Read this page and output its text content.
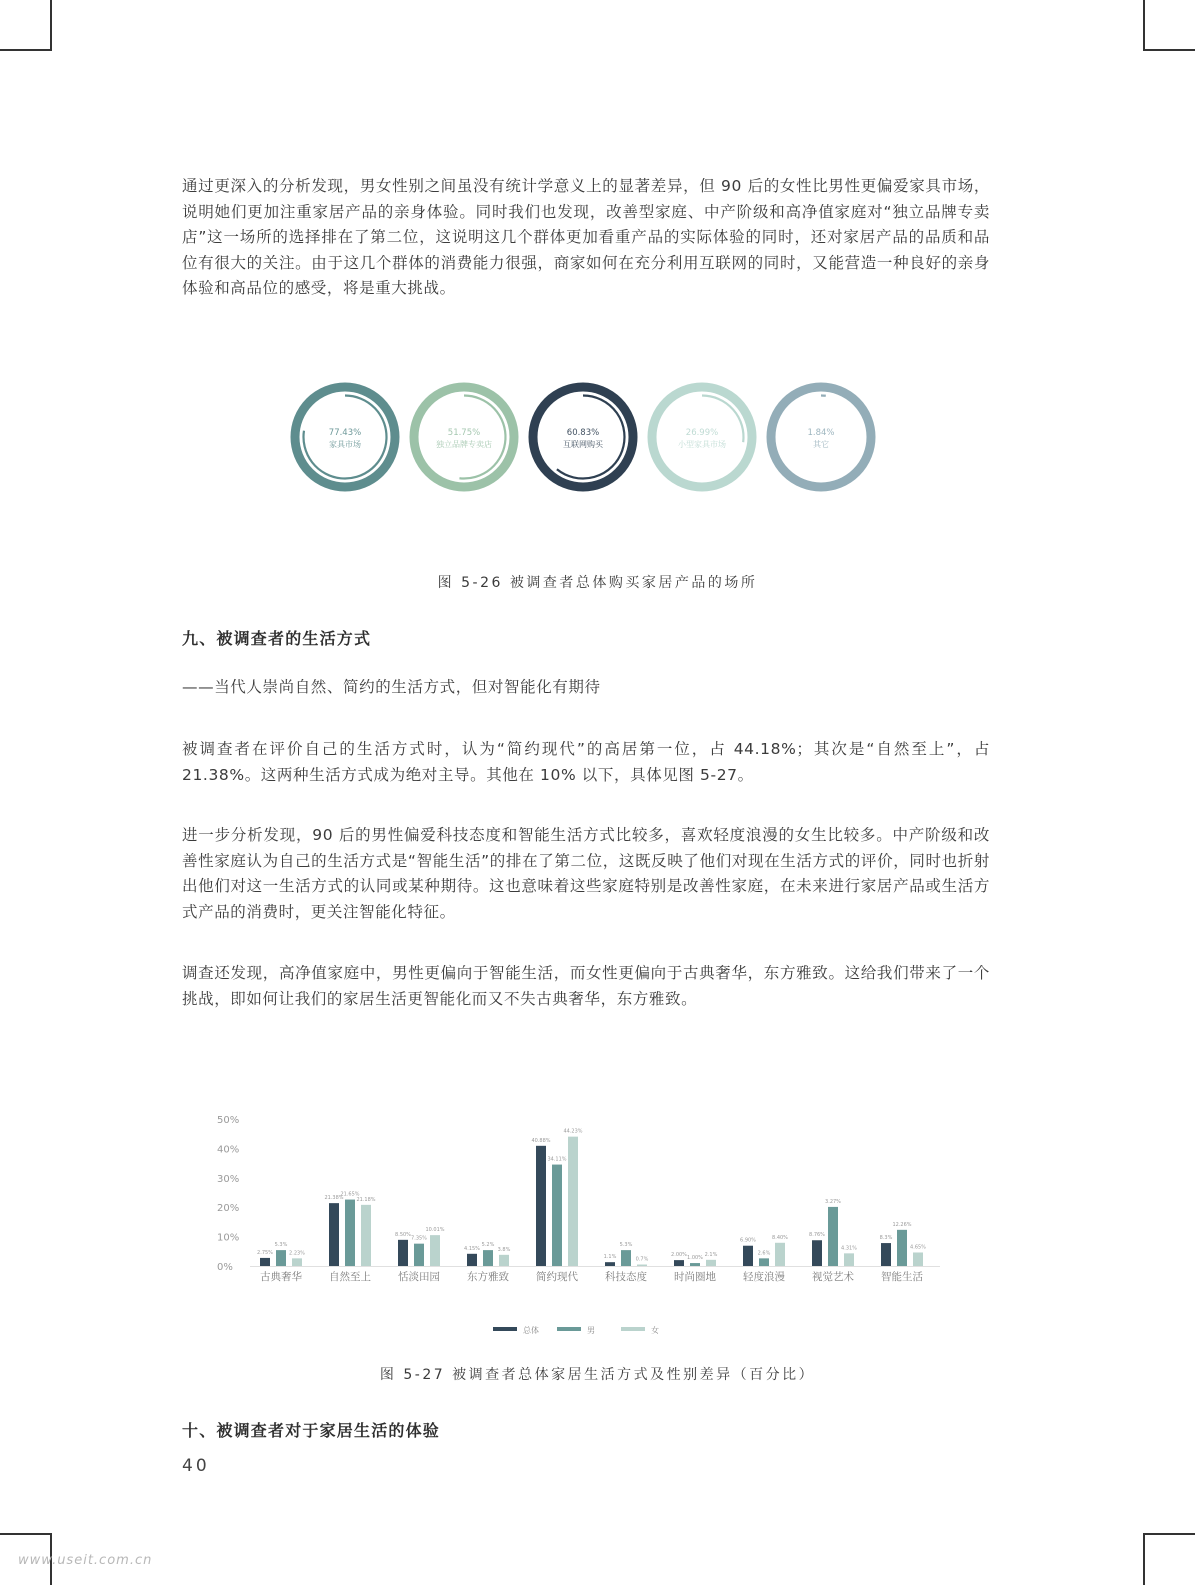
通过更深入的分析发现，男女性别之间虽没有统计学意义上的显著差异，但 90 后的女性比男性更偏爱家具市场，说明她们更加注重家居产品的亲身体验。同时我们也发现，改善型家庭、中产阶级和高净值家庭对“独立品牌专卖店”这一场所的选择排在了第二位，这说明这几个群体更加看重产品的实际体验的同时，还对家居产品的品质和品位有很大的关注。由于这几个群体的消费能力很强，商家如何在充分利用互联网的同时，又能营造一种良好的亲身体验和高品位的感受，将是重大挑战。

77.43%
家具市场
51.75%
独立品牌专卖店
60.83%
互联网购买
26.99%
小型家具市场
1.84%
其它
图 5-26 被调查者总体购买家居产品的场所

九、被调查者的生活方式

——当代人崇尚自然、简约的生活方式，但对智能化有期待

被调查者在评价自己的生活方式时，认为“简约现代”的高居第一位，占 44.18%；其次是“自然至上”，占 21.38%。这两种生活方式成为绝对主导。其他在 10% 以下，具体见图 5-27。

进一步分析发现，90 后的男性偏爱科技态度和智能生活方式比较多，喜欢轻度浪漫的女生比较多。中产阶级和改善性家庭认为自己的生活方式是“智能生活”的排在了第二位，这既反映了他们对现在生活方式的评价，同时也折射出他们对这一生活方式的认同或某种期待。这也意味着这些家庭特别是改善性家庭，在未来进行家居产品或生活方式产品的消费时，更关注智能化特征。

调查还发现，高净值家庭中，男性更偏向于智能生活，而女性更偏向于古典奢华，东方雅致。这给我们带来了一个挑战，即如何让我们的家居生活更智能化而又不失古典奢华，东方雅致。

50%
40%
30%
20%
10%
0%
2.75%
5.3%
2.23%
古典奢华
21.38%
21.65%
21.18%
自然至上
8.50%
7.35%
10.01%
恬淡田园
4.15%
5.2%
3.8%
东方雅致
40.88%
34.11%
44.23%
简约现代
1.1%
5.3%
0.7%
科技态度
2.00% 1.00%
2.1%
时尚圈地
6.90%
2.6%
8.40%
轻度浪漫
8.76%
3.27%
4.31%
视觉艺术
8.3%
12.26%
4.65%
智能生活
总体	男	女
图 5-27 被调查者总体家居生活方式及性别差异（百分比）

十、被调查者对于家居生活的体验

40
www.useit.com.cn
